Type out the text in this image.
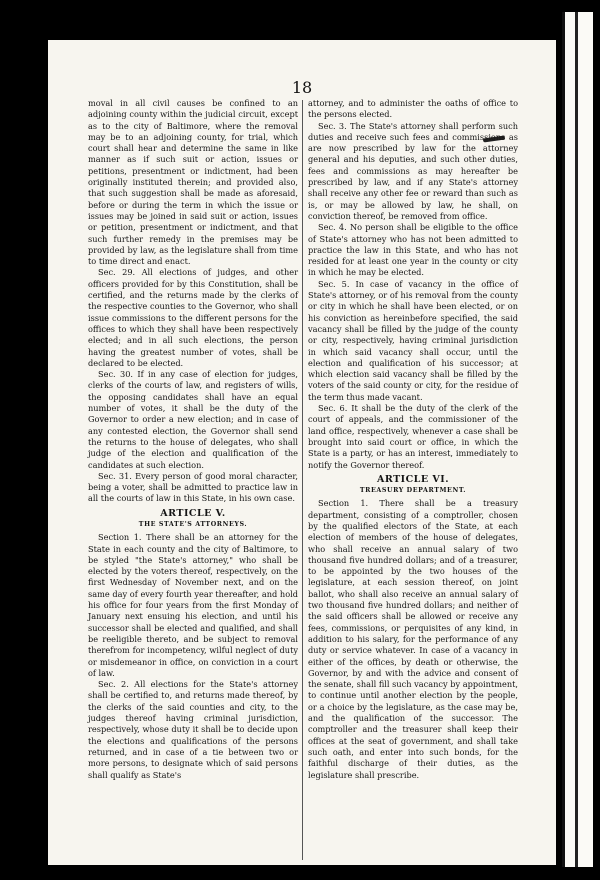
18

moval in all civil causes be confined to an adjoining county within the judicial circuit, except as to the city of Baltimore, where the removal may be to an adjoining county, for trial, which court shall hear and determine the same in like manner as if such suit or action, issues or petitions, presentment or indictment, had been originally instituted therein; and provided also, that such suggestion shall be made as aforesaid, before or during the term in which the issue or issues may be joined in said suit or action, issues or petition, presentment or indictment, and that such further remedy in the premises may be provided by law, as the legislature shall from time to time direct and enact.

Sec. 29. All elections of judges, and other officers provided for by this Constitution, shall be certified, and the returns made by the clerks of the respective counties to the Governor, who shall issue commissions to the different persons for the offices to which they shall have been respectively elected; and in all such elections, the person having the greatest number of votes, shall be declared to be elected.

Sec. 30. If in any case of election for judges, clerks of the courts of law, and registers of wills, the opposing candidates shall have an equal number of votes, it shall be the duty of the Governor to order a new election; and in case of any contested election, the Governor shall send the returns to the house of delegates, who shall judge of the election and qualification of the candidates at such election.

Sec. 31. Every person of good moral character, being a voter, shall be admitted to practice law in all the courts of law in this State, in his own case.

ARTICLE V.
THE STATE'S ATTORNEYS.

Section 1. There shall be an attorney for the State in each county and the city of Baltimore, to be styled "the State's attorney," who shall be elected by the voters thereof, respectively, on the first Wednesday of November next, and on the same day of every fourth year thereafter, and hold his office for four years from the first Monday of January next ensuing his election, and until his successor shall be elected and qualified, and shall be reeligible thereto, and be subject to removal therefrom for incompetency, wilful neglect of duty or misdemeanor in office, on conviction in a court of law.

Sec. 2. All elections for the State's attorney shall be certified to, and returns made thereof, by the clerks of the said counties and city, to the judges thereof having criminal jurisdiction, respectively, whose duty it shall be to decide upon the elections and qualifications of the persons returned, and in case of a tie between two or more persons, to designate which of said persons shall qualify as State's

attorney, and to administer the oaths of office to the persons elected.

Sec. 3. The State's attorney shall perform such duties and receive such fees and commissions as are now prescribed by law for the attorney general and his deputies, and such other duties, fees and commissions as may hereafter be prescribed by law, and if any State's attorney shall receive any other fee or reward than such as is, or may be allowed by law, he shall, on conviction thereof, be removed from office.

Sec. 4. No person shall be eligible to the office of State's attorney who has not been admitted to practice the law in this State, and who has not resided for at least one year in the county or city in which he may be elected.

Sec. 5. In case of vacancy in the office of State's attorney, or of his removal from the county or city in which he shall have been elected, or on his conviction as hereinbefore specified, the said vacancy shall be filled by the judge of the county or city, respectively, having criminal jurisdiction in which said vacancy shall occur, until the election and qualification of his successor; at which election said vacancy shall be filled by the voters of the said county or city, for the residue of the term thus made vacant.

Sec. 6. It shall be the duty of the clerk of the court of appeals, and the commissioner of the land office, respectively, whenever a case shall be brought into said court or office, in which the State is a party, or has an interest, immediately to notify the Governor thereof.

ARTICLE VI.
TREASURY DEPARTMENT.

Section 1. There shall be a treasury department, consisting of a comptroller, chosen by the qualified electors of the State, at each election of members of the house of delegates, who shall receive an annual salary of two thousand five hundred dollars; and of a treasurer, to be appointed by the two houses of the legislature, at each session thereof, on joint ballot, who shall also receive an annual salary of two thousand five hundred dollars; and neither of the said officers shall be allowed or receive any fees, commissions, or perquisites of any kind, in addition to his salary, for the performance of any duty or service whatever. In case of a vacancy in either of the offices, by death or otherwise, the Governor, by and with the advice and consent of the senate, shall fill such vacancy by appointment, to continue until another election by the people, or a choice by the legislature, as the case may be, and the qualification of the successor. The comptroller and the treasurer shall keep their offices at the seat of government, and shall take such oath, and enter into such bonds, for the faithful discharge of their duties, as the legislature shall prescribe.
